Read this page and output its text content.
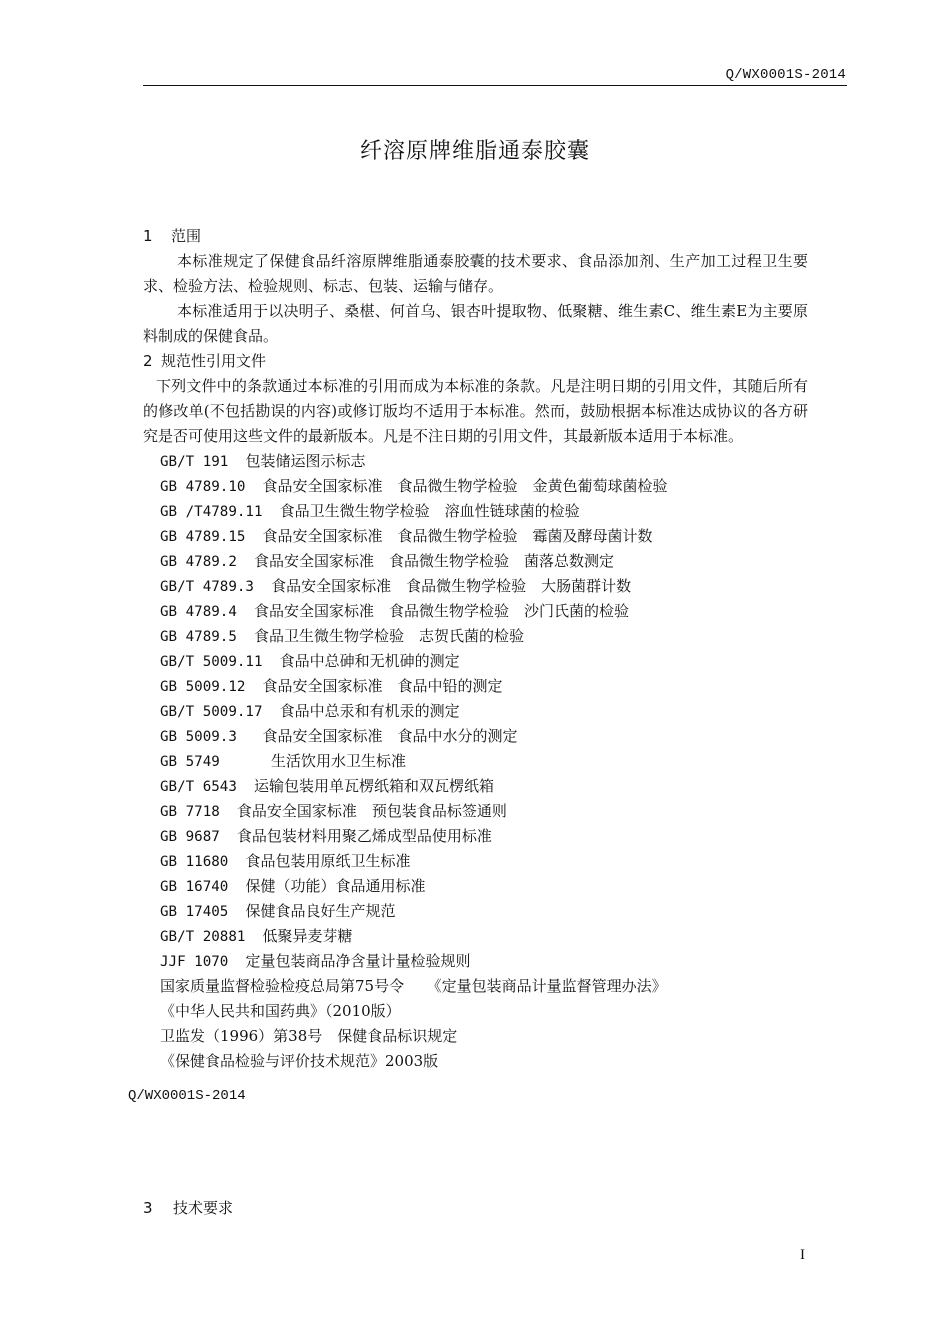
Q/WX0001S-2014
纤溶原牌维脂通泰胶囊
1 范围

本标准规定了保健食品纤溶原牌维脂通泰胶囊的技术要求、食品添加剂、生产加工过程卫生要求、检验方法、检验规则、标志、包装、运输与储存。

本标准适用于以决明子、桑椹、何首乌、银杏叶提取物、低聚糖、维生素C、维生素E为主要原料制成的保健食品。

2 规范性引用文件

下列文件中的条款通过本标准的引用而成为本标准的条款。凡是注明日期的引用文件，其随后所有的修改单(不包括勘误的内容)或修订版均不适用于本标准。然而，鼓励根据本标准达成协议的各方研究是否可使用这些文件的最新版本。凡是不注日期的引用文件，其最新版本适用于本标准。

GB/T 191 包装储运图示标志
GB 4789.10 食品安全国家标准　食品微生物学检验　金黄色葡萄球菌检验
GB /T4789.11 食品卫生微生物学检验　溶血性链球菌的检验
GB 4789.15 食品安全国家标准　食品微生物学检验　霉菌及酵母菌计数
GB 4789.2 食品安全国家标准　食品微生物学检验　菌落总数测定
GB/T 4789.3 食品安全国家标准　食品微生物学检验　大肠菌群计数
GB 4789.4 食品安全国家标准　食品微生物学检验　沙门氏菌的检验
GB 4789.5 食品卫生微生物学检验　志贺氏菌的检验
GB/T 5009.11 食品中总砷和无机砷的测定
GB 5009.12 食品安全国家标准　食品中铅的测定
GB/T 5009.17 食品中总汞和有机汞的测定
GB 5009.3 食品安全国家标准　食品中水分的测定
GB 5749	生活饮用水卫生标准
GB/T 6543 运输包装用单瓦楞纸箱和双瓦楞纸箱
GB 7718 食品安全国家标准　预包装食品标签通则
GB 9687 食品包装材料用聚乙烯成型品使用标准
GB 11680 食品包装用原纸卫生标准
GB 16740 保健（功能）食品通用标准
GB 17405 保健食品良好生产规范
GB/T 20881 低聚异麦芽糖
JJF 1070 定量包装商品净含量计量检验规则
国家质量监督检验检疫总局第75号令　　《定量包装商品计量监督管理办法》
《中华人民共和国药典》（2010版）
卫监发（1996）第38号　保健食品标识规定
《保健食品检验与评价技术规范》2003版
Q/WX0001S-2014
3 技术要求
I
